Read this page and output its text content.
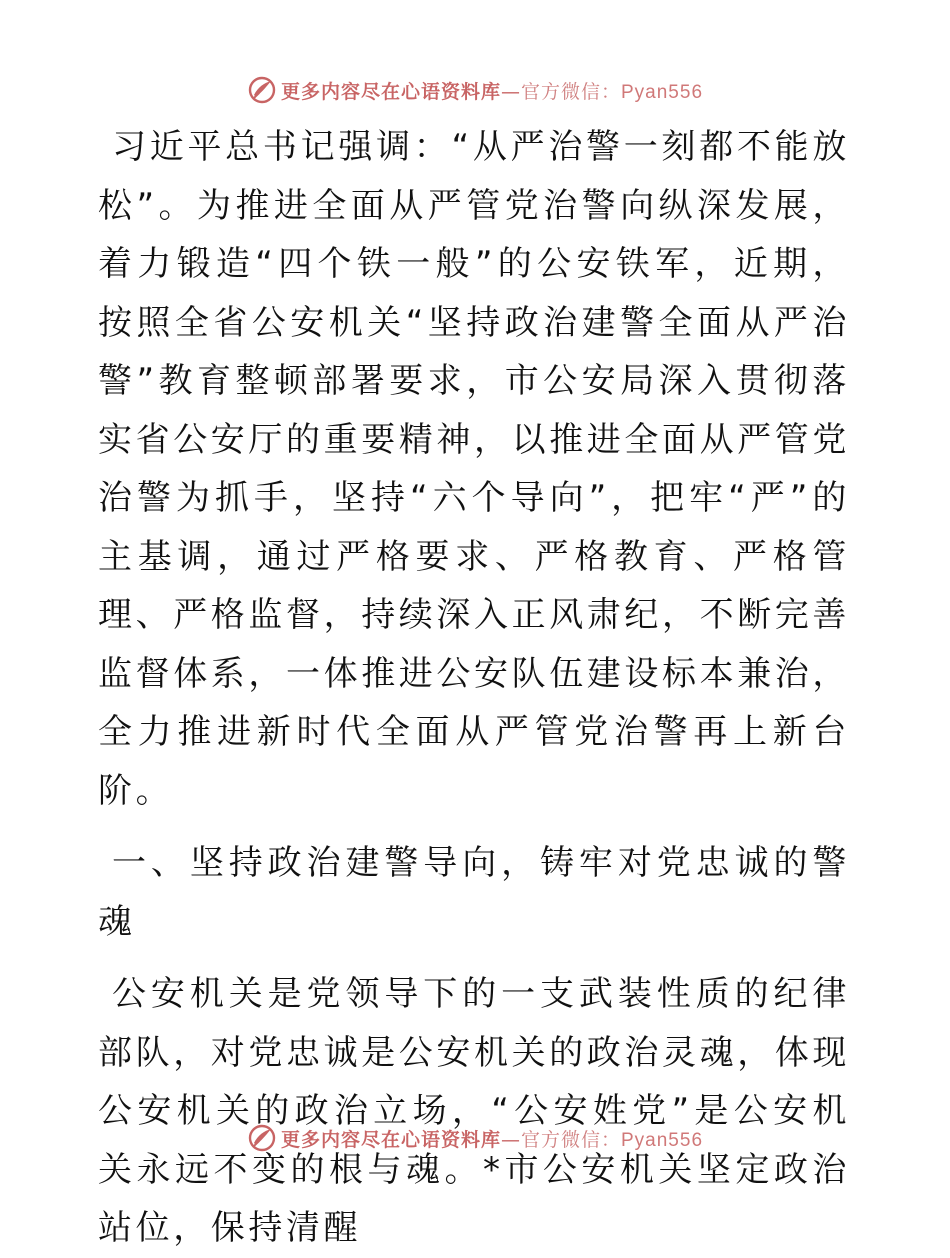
更多内容尽在心语资料库—官方微信：Pyan556

习近平总书记强调：“从严治警一刻都不能放松”。为推进全面从严管党治警向纵深发展，着力锻造“四个铁一般”的公安铁军，近期，按照全省公安机关“坚持政治建警全面从严治警”教育整顿部署要求，市公安局深入贯彻落实省公安厅的重要精神，以推进全面从严管党治警为抓手，坚持“六个导向”，把牢“严”的主基调，通过严格要求、严格教育、严格管理、严格监督，持续深入正风肃纪，不断完善监督体系，一体推进公安队伍建设标本兼治，全力推进新时代全面从严管党治警再上新台阶。

一、坚持政治建警导向，铸牢对党忠诚的警魂

公安机关是党领导下的一支武装性质的纪律部队，对党忠诚是公安机关的政治灵魂，体现公安机关的政治立场，“公安姓党”是公安机关永远不变的根与魂。*市公安机关坚定政治站位，保持清醒

更多内容尽在心语资料库—官方微信：Pyan556
